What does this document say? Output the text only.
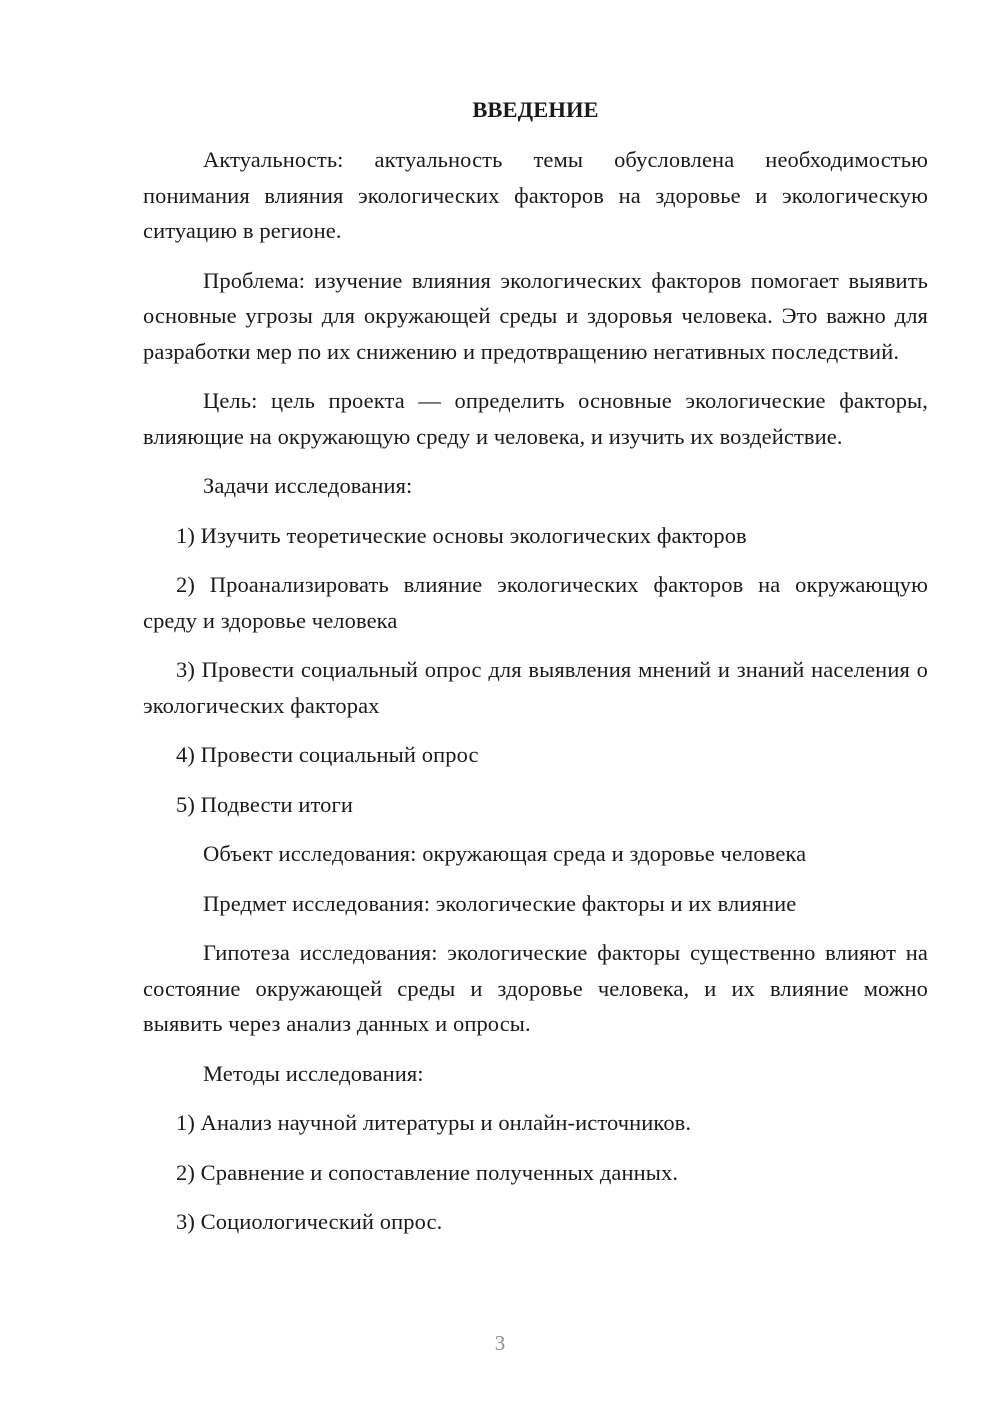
ВВЕДЕНИЕ

Актуальность: актуальность темы обусловлена необходимостью понимания влияния экологических факторов на здоровье и экологическую ситуацию в регионе.

Проблема: изучение влияния экологических факторов помогает выявить основные угрозы для окружающей среды и здоровья человека. Это важно для разработки мер по их снижению и предотвращению негативных последствий.

Цель: цель проекта — определить основные экологические факторы, влияющие на окружающую среду и человека, и изучить их воздействие.

Задачи исследования:

1) Изучить теоретические основы экологических факторов

2) Проанализировать влияние экологических факторов на окружающую среду и здоровье человека

3) Провести социальный опрос для выявления мнений и знаний населения о экологических факторах

4) Провести социальный опрос

5) Подвести итоги

Объект исследования: окружающая среда и здоровье человека

Предмет исследования: экологические факторы и их влияние

Гипотеза исследования: экологические факторы существенно влияют на состояние окружающей среды и здоровье человека, и их влияние можно выявить через анализ данных и опросы.

Методы исследования:

1) Анализ научной литературы и онлайн-источников.

2) Сравнение и сопоставление полученных данных.

3) Социологический опрос.

3
